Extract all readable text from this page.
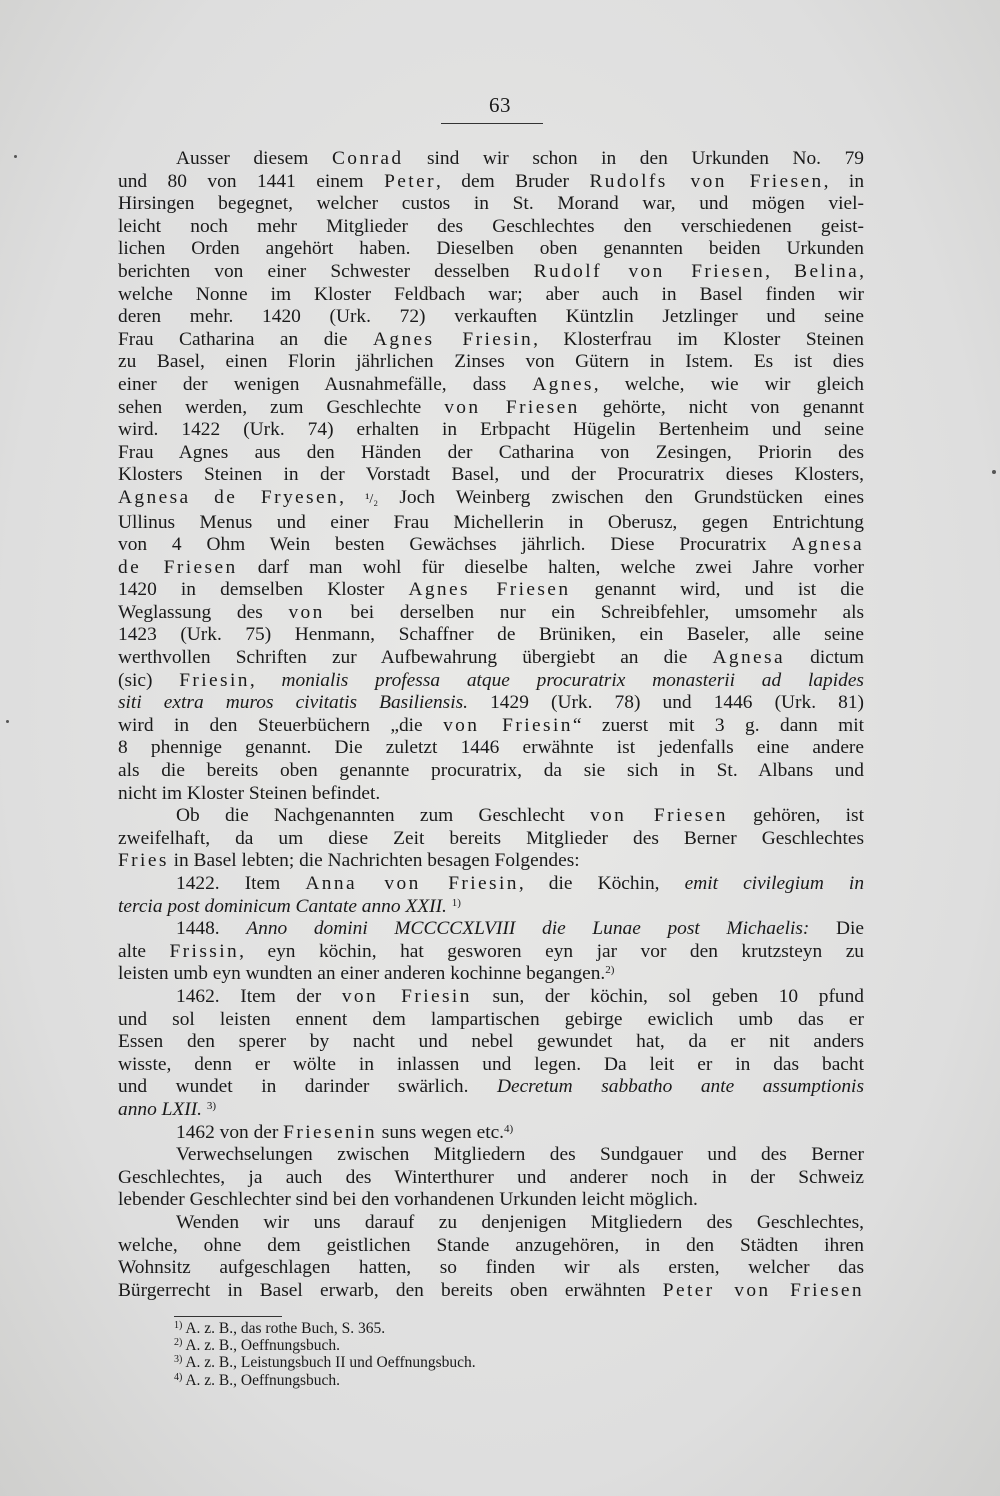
63
Ausser diesem Conrad sind wir schon in den Urkunden No. 79
und 80 von 1441 einem Peter, dem Bruder Rudolfs von Friesen, in
Hirsingen begegnet, welcher custos in St. Morand war, und mögen viel-
leicht noch mehr Mitglieder des Geschlechtes den verschiedenen geist-
lichen Orden angehört haben. Dieselben oben genannten beiden Urkunden
berichten von einer Schwester desselben Rudolf von Friesen, Belina,
welche Nonne im Kloster Feldbach war; aber auch in Basel finden wir
deren mehr. 1420 (Urk. 72) verkauften Küntzlin Jetzlinger und seine
Frau Catharina an die Agnes Friesin, Klosterfrau im Kloster Steinen
zu Basel, einen Florin jährlichen Zinses von Gütern in Istem. Es ist dies
einer der wenigen Ausnahmefälle, dass Agnes, welche, wie wir gleich
sehen werden, zum Geschlechte von Friesen gehörte, nicht von genannt
wird. 1422 (Urk. 74) erhalten in Erbpacht Hügelin Bertenheim und seine
Frau Agnes aus den Händen der Catharina von Zesingen, Priorin des
Klosters Steinen in der Vorstadt Basel, und der Procuratrix dieses Klosters,
Agnesa de Fryesen, ¹/₂ Joch Weinberg zwischen den Grundstücken eines
Ullinus Menus und einer Frau Michellerin in Oberusz, gegen Entrichtung
von 4 Ohm Wein besten Gewächses jährlich. Diese Procuratrix Agnesa
de Friesen darf man wohl für dieselbe halten, welche zwei Jahre vorher
1420 in demselben Kloster Agnes Friesen genannt wird, und ist die
Weglassung des von bei derselben nur ein Schreibfehler, umsomehr als
1423 (Urk. 75) Henmann, Schaffner de Brüniken, ein Baseler, alle seine
werthvollen Schriften zur Aufbewahrung übergiebt an die Agnesa dictum
(sic) Friesin, monialis professa atque procuratrix monasterii ad lapides
siti extra muros civitatis Basiliensis. 1429 (Urk. 78) und 1446 (Urk. 81)
wird in den Steuerbüchern „die von Friesin“ zuerst mit 3 g. dann mit
8 phennige genannt. Die zuletzt 1446 erwähnte ist jedenfalls eine andere
als die bereits oben genannte procuratrix, da sie sich in St. Albans und
nicht im Kloster Steinen befindet.
Ob die Nachgenannten zum Geschlecht von Friesen gehören, ist
zweifelhaft, da um diese Zeit bereits Mitglieder des Berner Geschlechtes
Fries in Basel lebten; die Nachrichten besagen Folgendes:
1422. Item Anna von Friesin, die Köchin, emit civilegium in
tercia post dominicum Cantate anno XXII. $^{1)}$
1448. Anno domini MCCCCXLVIII die Lunae post Michaelis: Die
alte Frissin, eyn köchin, hat gesworen eyn jar vor den krutzsteyn zu
leisten umb eyn wundten an einer anderen kochinne begangen.$^{2)}$
1462. Item der von Friesin sun, der köchin, sol geben 10 pfund
und sol leisten ennent dem lampartischen gebirge ewiclich umb das er
Essen den sperer by nacht und nebel gewundet hat, da er nit anders
wisste, denn er wölte in inlassen und legen. Da leit er in das bacht
und wundet in darinder swärlich. Decretum sabbatho ante assumptionis
anno LXII. $^{3)}$
1462 von der Friesenin suns wegen etc.$^{4)}$
Verwechselungen zwischen Mitgliedern des Sundgauer und des Berner
Geschlechtes, ja auch des Winterthurer und anderer noch in der Schweiz
lebender Geschlechter sind bei den vorhandenen Urkunden leicht möglich.
Wenden wir uns darauf zu denjenigen Mitgliedern des Geschlechtes,
welche, ohne dem geistlichen Stande anzugehören, in den Städten ihren
Wohnsitz aufgeschlagen hatten, so finden wir als ersten, welcher das
Bürgerrecht in Basel erwarb, den bereits oben erwähnten Peter von Friesen
$^{1)}$ A. z. B., das rothe Buch, S. 365.
$^{2)}$ A. z. B., Oeffnungsbuch.
$^{3)}$ A. z. B., Leistungsbuch II und Oeffnungsbuch.
$^{4)}$ A. z. B., Oeffnungsbuch.
